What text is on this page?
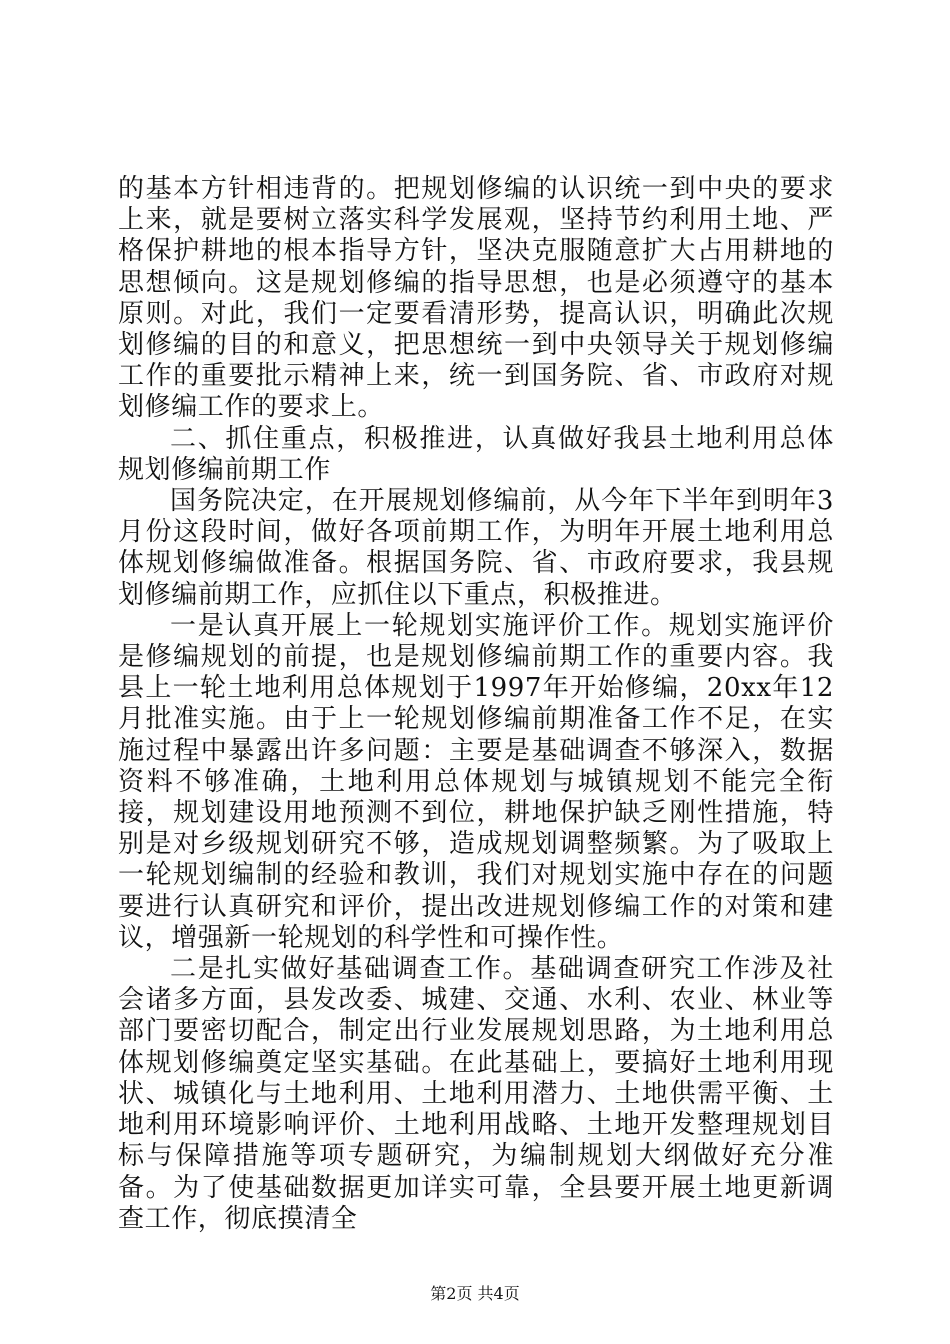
的基本方针相违背的。把规划修编的认识统一到中央的要求上来，就是要树立落实科学发展观，坚持节约利用土地、严格保护耕地的根本指导方针，坚决克服随意扩大占用耕地的思想倾向。这是规划修编的指导思想，也是必须遵守的基本原则。对此，我们一定要看清形势，提高认识，明确此次规划修编的目的和意义，把思想统一到中央领导关于规划修编工作的重要批示精神上来，统一到国务院、省、市政府对规划修编工作的要求上。

二、抓住重点，积极推进，认真做好我县土地利用总体规划修编前期工作

国务院决定，在开展规划修编前，从今年下半年到明年3月份这段时间，做好各项前期工作，为明年开展土地利用总体规划修编做准备。根据国务院、省、市政府要求，我县规划修编前期工作，应抓住以下重点，积极推进。

一是认真开展上一轮规划实施评价工作。规划实施评价是修编规划的前提，也是规划修编前期工作的重要内容。我县上一轮土地利用总体规划于1997年开始修编，20xx年12月批准实施。由于上一轮规划修编前期准备工作不足，在实施过程中暴露出许多问题：主要是基础调查不够深入，数据资料不够准确，土地利用总体规划与城镇规划不能完全衔接，规划建设用地预测不到位，耕地保护缺乏刚性措施，特别是对乡级规划研究不够，造成规划调整频繁。为了吸取上一轮规划编制的经验和教训，我们对规划实施中存在的问题要进行认真研究和评价，提出改进规划修编工作的对策和建议，增强新一轮规划的科学性和可操作性。

二是扎实做好基础调查工作。基础调查研究工作涉及社会诸多方面，县发改委、城建、交通、水利、农业、林业等部门要密切配合，制定出行业发展规划思路，为土地利用总体规划修编奠定坚实基础。在此基础上，要搞好土地利用现状、城镇化与土地利用、土地利用潜力、土地供需平衡、土地利用环境影响评价、土地利用战略、土地开发整理规划目标与保障措施等项专题研究，为编制规划大纲做好充分准备。为了使基础数据更加详实可靠，全县要开展土地更新调查工作，彻底摸清全

第2页 共4页
